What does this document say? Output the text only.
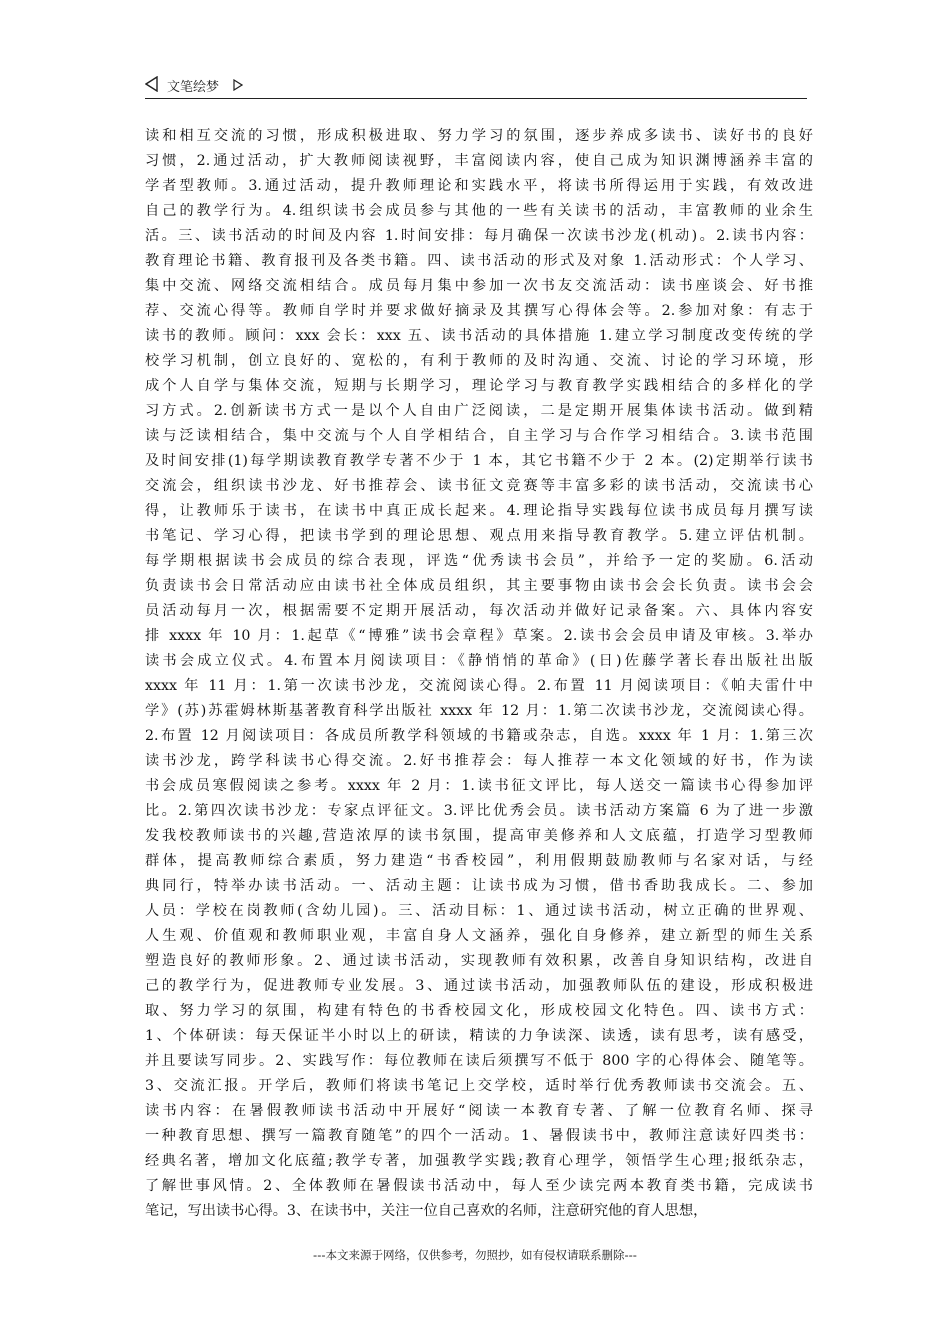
文笔绘梦
读和相互交流的习惯，形成积极进取、努力学习的氛围，逐步养成多读书、读好书的良好
习惯，2.通过活动，扩大教师阅读视野，丰富阅读内容，使自己成为知识渊博涵养丰富的
学者型教师。3.通过活动，提升教师理论和实践水平，将读书所得运用于实践，有效改进
自己的教学行为。4.组织读书会成员参与其他的一些有关读书的活动，丰富教师的业余生
活。三、读书活动的时间及内容 1.时间安排：每月确保一次读书沙龙(机动)。2.读书内容：
教育理论书籍、教育报刊及各类书籍。四、读书活动的形式及对象 1.活动形式：个人学习、
集中交流、网络交流相结合。成员每月集中参加一次书友交流活动：读书座谈会、好书推
荐、交流心得等。教师自学时并要求做好摘录及其撰写心得体会等。2.参加对象：有志于
读书的教师。顾问：xxx 会长：xxx 五、读书活动的具体措施 1.建立学习制度改变传统的学
校学习机制，创立良好的、宽松的，有利于教师的及时沟通、交流、讨论的学习环境，形
成个人自学与集体交流，短期与长期学习，理论学习与教育教学实践相结合的多样化的学
习方式。2.创新读书方式一是以个人自由广泛阅读，二是定期开展集体读书活动。做到精
读与泛读相结合，集中交流与个人自学相结合，自主学习与合作学习相结合。3.读书范围
及时间安排(1)每学期读教育教学专著不少于 1 本，其它书籍不少于 2 本。(2)定期举行读书
交流会，组织读书沙龙、好书推荐会、读书征文竞赛等丰富多彩的读书活动，交流读书心
得，让教师乐于读书，在读书中真正成长起来。4.理论指导实践每位读书成员每月撰写读
书笔记、学习心得，把读书学到的理论思想、观点用来指导教育教学。5.建立评估机制。
每学期根据读书会成员的综合表现，评选“优秀读书会员”，并给予一定的奖励。6.活动
负责读书会日常活动应由读书社全体成员组织，其主要事物由读书会会长负责。读书会会
员活动每月一次，根据需要不定期开展活动，每次活动并做好记录备案。六、具体内容安
排 xxxx 年 10 月：1.起草《“博雅”读书会章程》草案。2.读书会会员申请及审核。3.举办
读书会成立仪式。4.布置本月阅读项目：《静悄悄的革命》(日)佐藤学著长春出版社出版
xxxx 年 11 月：1.第一次读书沙龙，交流阅读心得。2.布置 11 月阅读项目：《帕夫雷什中
学》(苏)苏霍姆林斯基著教育科学出版社 xxxx 年 12 月：1.第二次读书沙龙，交流阅读心得。
2.布置 12 月阅读项目：各成员所教学科领域的书籍或杂志，自选。xxxx 年 1 月：1.第三次
读书沙龙，跨学科读书心得交流。2.好书推荐会：每人推荐一本文化领域的好书，作为读
书会成员寒假阅读之参考。xxxx 年 2 月：1.读书征文评比，每人送交一篇读书心得参加评
比。2.第四次读书沙龙：专家点评征文。3.评比优秀会员。读书活动方案篇 6 为了进一步激
发我校教师读书的兴趣,营造浓厚的读书氛围，提高审美修养和人文底蕴，打造学习型教师
群体，提高教师综合素质，努力建造“书香校园”，利用假期鼓励教师与名家对话，与经
典同行，特举办读书活动。一、活动主题：让读书成为习惯，借书香助我成长。二、参加
人员：学校在岗教师(含幼儿园)。三、活动目标：1、通过读书活动，树立正确的世界观、
人生观、价值观和教师职业观，丰富自身人文涵养，强化自身修养，建立新型的师生关系
塑造良好的教师形象。2、通过读书活动，实现教师有效积累，改善自身知识结构，改进自
己的教学行为，促进教师专业发展。3、通过读书活动，加强教师队伍的建设，形成积极进
取、努力学习的氛围，构建有特色的书香校园文化，形成校园文化特色。四、读书方式：
1、个体研读：每天保证半小时以上的研读，精读的力争读深、读透，读有思考，读有感受，
并且要读写同步。2、实践写作：每位教师在读后须撰写不低于 800 字的心得体会、随笔等。
3、交流汇报。开学后，教师们将读书笔记上交学校，适时举行优秀教师读书交流会。五、
读书内容：在暑假教师读书活动中开展好“阅读一本教育专著、了解一位教育名师、探寻
一种教育思想、撰写一篇教育随笔”的四个一活动。1、暑假读书中，教师注意读好四类书：
经典名著，增加文化底蕴;教学专著，加强教学实践;教育心理学，领悟学生心理;报纸杂志，
了解世事风情。2、全体教师在暑假读书活动中，每人至少读完两本教育类书籍，完成读书
笔记，写出读书心得。3、在读书中，关注一位自己喜欢的名师，注意研究他的育人思想，
---本文来源于网络，仅供参考，勿照抄，如有侵权请联系删除---
